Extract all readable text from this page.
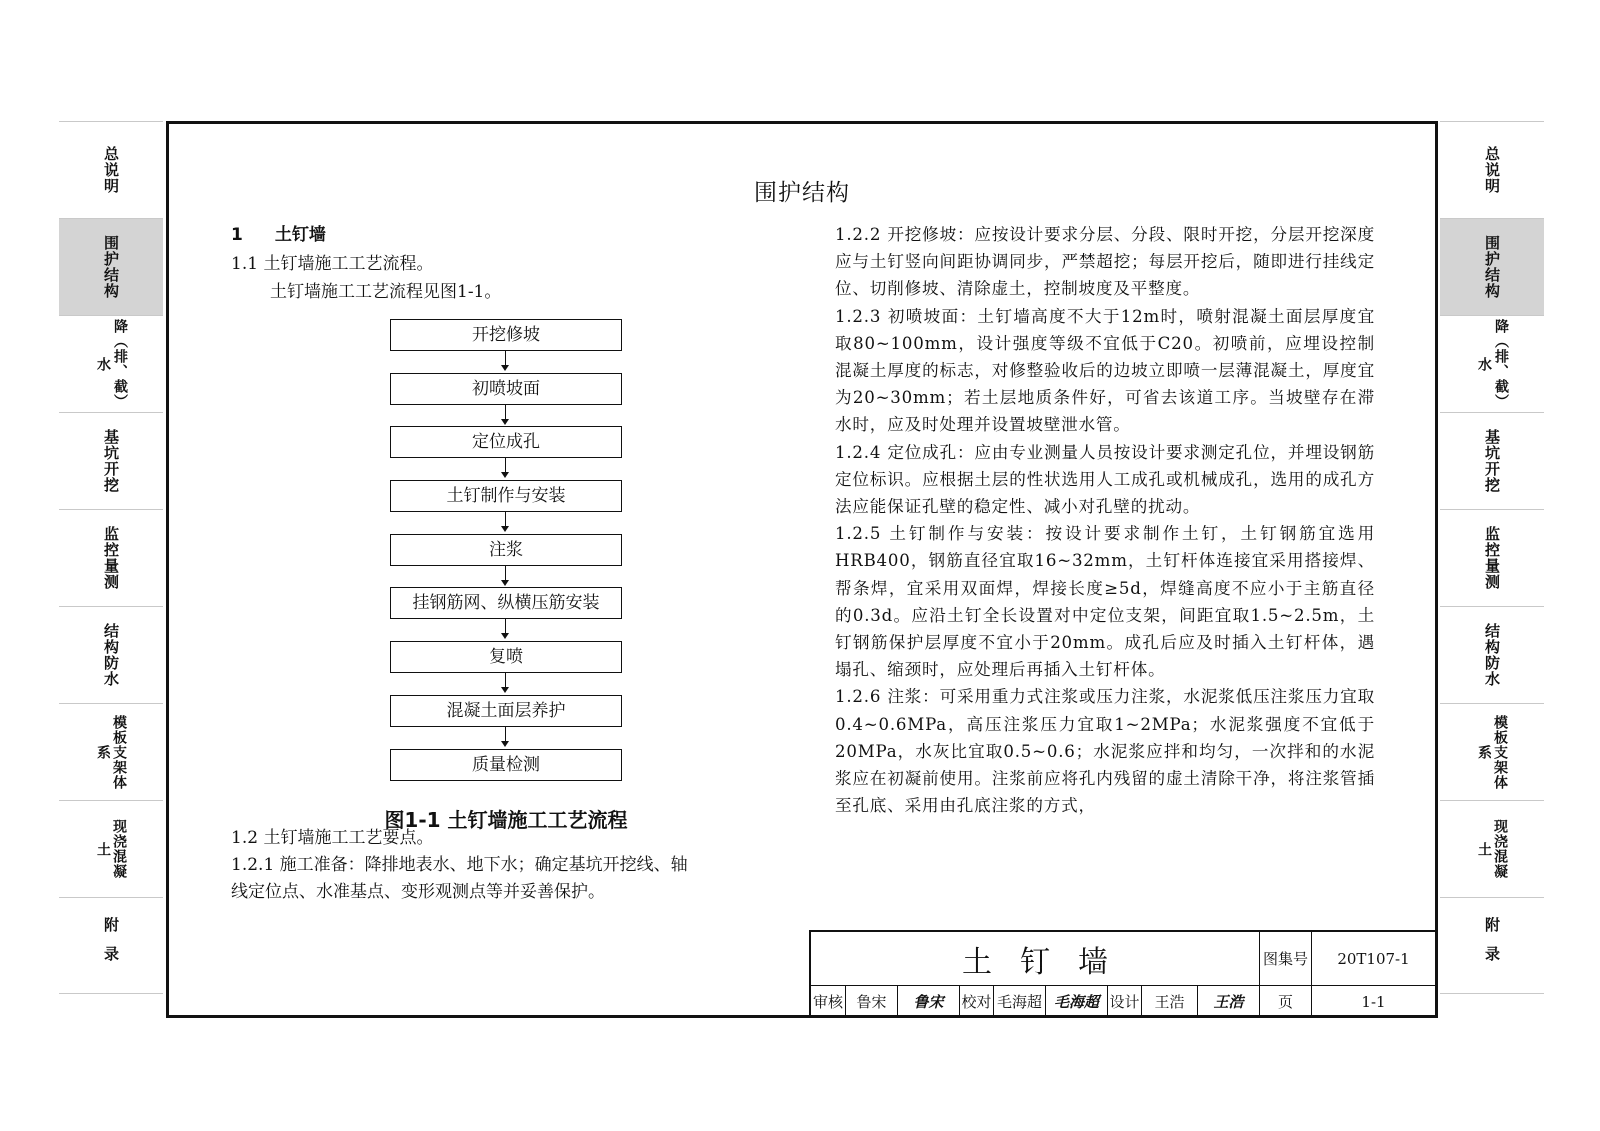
总说明
围护结构
降（排、截）水
基坑开挖
监控量测
结构防水
模板支架体系
现浇混凝土
附录
总说明
围护结构
降（排、截）水
基坑开挖
监控量测
结构防水
模板支架体系
现浇混凝土
附录
围护结构
1 土钉墙
1.1 土钉墙施工工艺流程。
土钉墙施工工艺流程见图1-1。
开挖修坡
初喷坡面
定位成孔
土钉制作与安装
注浆
挂钢筋网、纵横压筋安装
复喷
混凝土面层养护
质量检测
图1-1 土钉墙施工工艺流程
1.2 土钉墙施工工艺要点。
1.2.1 施工准备：降排地表水、地下水；确定基坑开挖线、轴
线定位点、水准基点、变形观测点等并妥善保护。

1.2.2 开挖修坡：应按设计要求分层、分段、限时开挖，分层开挖深度应与土钉竖向间距协调同步，严禁超挖；每层开挖后，随即进行挂线定位、切削修坡、清除虚土，控制坡度及平整度。

1.2.3 初喷坡面：土钉墙高度不大于12m时，喷射混凝土面层厚度宜取80~100mm，设计强度等级不宜低于C20。初喷前，应埋设控制混凝土厚度的标志，对修整验收后的边坡立即喷一层薄混凝土，厚度宜为20~30mm；若土层地质条件好，可省去该道工序。当坡壁存在滞水时，应及时处理并设置坡壁泄水管。

1.2.4 定位成孔：应由专业测量人员按设计要求测定孔位，并埋设钢筋定位标识。应根据土层的性状选用人工成孔或机械成孔，选用的成孔方法应能保证孔壁的稳定性、减小对孔壁的扰动。

1.2.5 土钉制作与安装：按设计要求制作土钉，土钉钢筋宜选用HRB400，钢筋直径宜取16~32mm，土钉杆体连接宜采用搭接焊、帮条焊，宜采用双面焊，焊接长度≥5d，焊缝高度不应小于主筋直径的0.3d。应沿土钉全长设置对中定位支架，间距宜取1.5~2.5m，土钉钢筋保护层厚度不宜小于20mm。成孔后应及时插入土钉杆体，遇塌孔、缩颈时，应处理后再插入土钉杆体。

1.2.6 注浆：可采用重力式注浆或压力注浆，水泥浆低压注浆压力宜取0.4~0.6MPa，高压注浆压力宜取1~2MPa；水泥浆强度不宜低于20MPa，水灰比宜取0.5~0.6；水泥浆应拌和均匀，一次拌和的水泥浆应在初凝前使用。注浆前应将孔内残留的虚土清除干净，将注浆管插至孔底、采用由孔底注浆的方式，

土钉墙	图集号	20T107-1
审核 鲁宋	鲁宋	校对 毛海超 毛海超 设计 王浩	王浩	页	1-1
